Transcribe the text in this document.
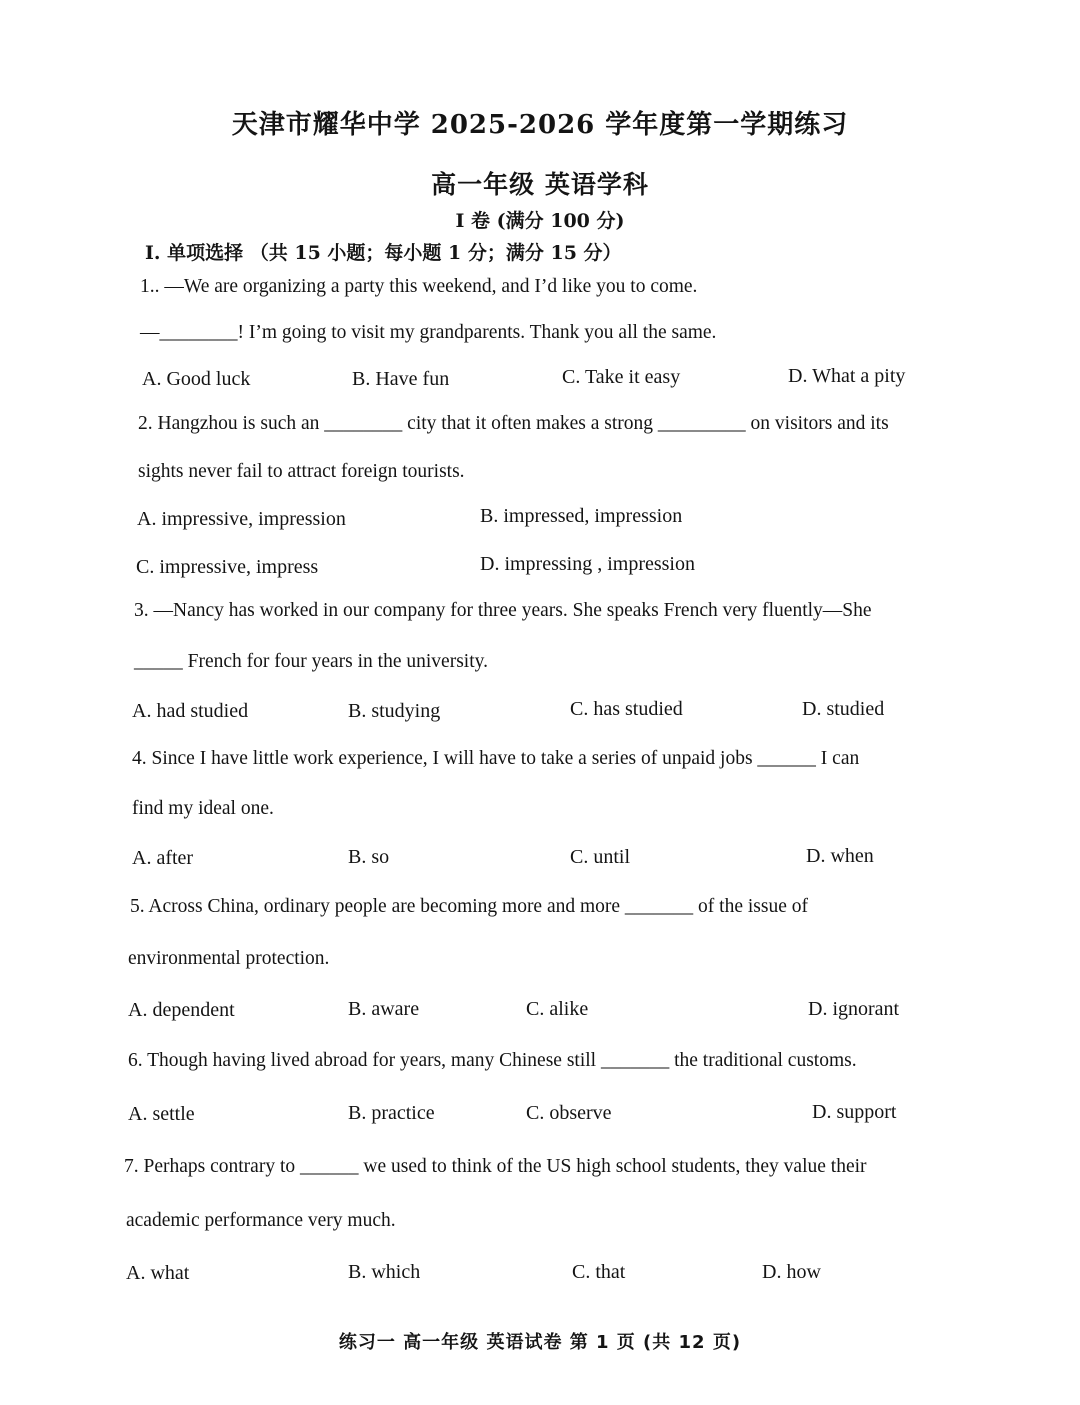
天津市耀华中学 2025-2026 学年度第一学期练习
高一年级 英语学科
I 卷 (满分 100 分)
I. 单项选择 （共 15 小题；每小题 1 分；满分 15 分）
1.. —We are organizing a party this weekend, and I’d like you to come.
—________! I’m going to visit my grandparents. Thank you all the same.
A. Good luck	B. Have fun	C. Take it easy	D. What a pity
2. Hangzhou is such an ________ city that it often makes a strong _________ on visitors and its
sights never fail to attract foreign tourists.
A. impressive, impression	B. impressed, impression
C. impressive, impress	D. impressing , impression
3. —Nancy has worked in our company for three years. She speaks French very fluently—She
_____ French for four years in the university.
A. had studied	B. studying	C. has studied	D. studied
4. Since I have little work experience, I will have to take a series of unpaid jobs ______ I can
find my ideal one.
A. after	B. so	C. until	D. when
5. Across China, ordinary people are becoming more and more _______ of the issue of
environmental protection.
A. dependent	B. aware	C. alike	D. ignorant
6. Though having lived abroad for years, many Chinese still _______ the traditional customs.
A. settle	B. practice	C. observe	D. support
7. Perhaps contrary to ______ we used to think of the US high school students, they value their
academic performance very much.
A. what	B. which	C. that	D. how
练习一 高一年级 英语试卷 第 1 页 (共 12 页)
